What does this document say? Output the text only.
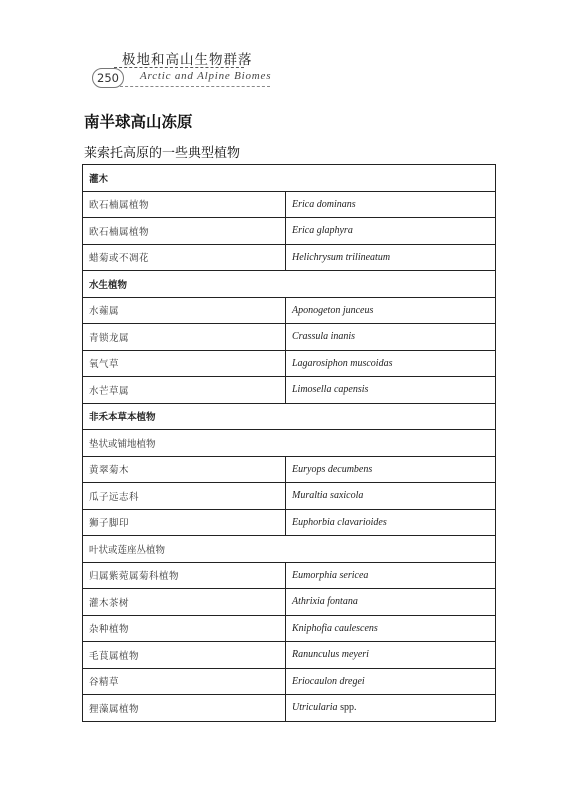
极地和高山生物群落
250	Arctic and Alpine Biomes
南半球高山冻原
莱索托高原的一些典型植物
灌木	
欧石楠属植物	Erica dominans
欧石楠属植物	Erica glaphyra
蜡菊或不凋花	Helichrysum trilineatum
水生植物	
水蕹属	Aponogeton junceus
青锁龙属	Crassula inanis
氧气草	Lagarosiphon muscoidas
水芒草属	Limosella capensis
非禾本草本植物	
垫状或铺地植物	
黄翠菊木	Euryops decumbens
瓜子远志科	Muraltia saxicola
狮子脚印	Euphorbia clavarioides
叶状或莲座丛植物	
归属紫菀属菊科植物	Eumorphia sericea
灌木茶树	Athrixia fontana
杂种植物	Kniphofia caulescens
毛茛属植物	Ranunculus meyeri
谷精草	Eriocaulon dregei
狸藻属植物	Utricularia spp.
